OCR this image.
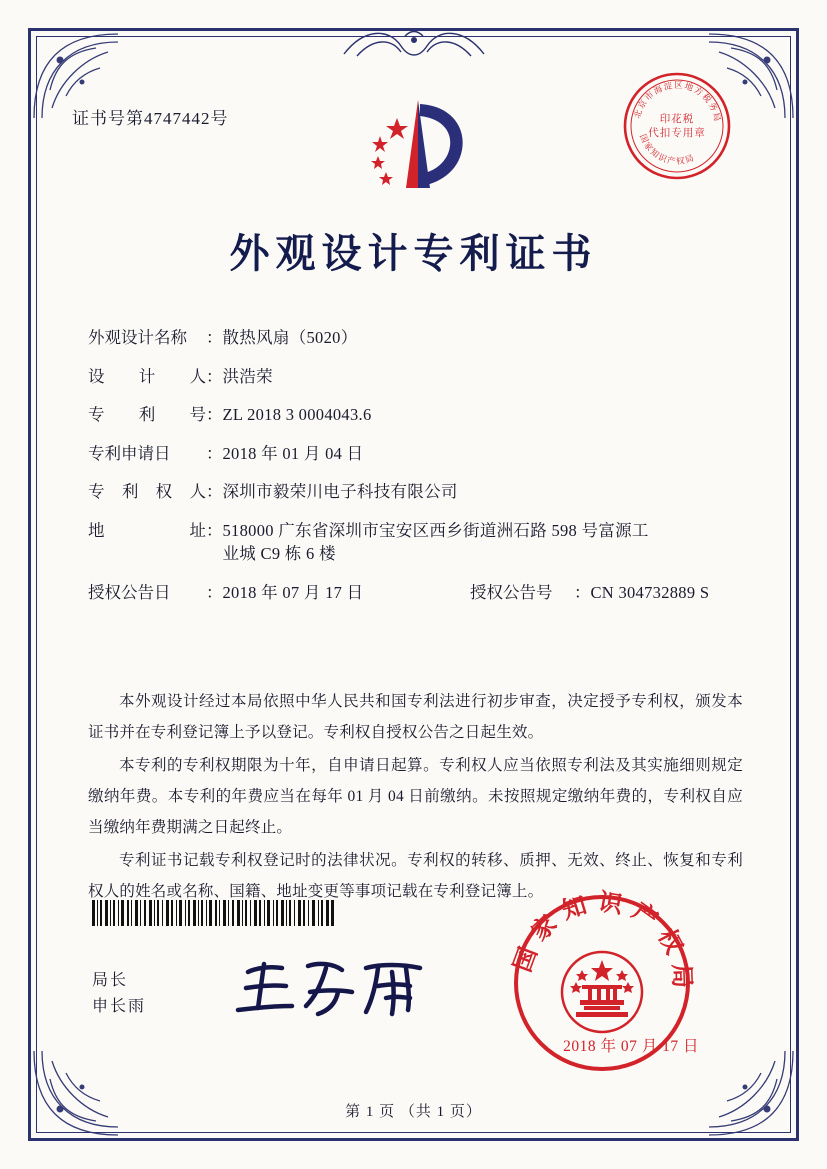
证书号第4747442号	北京市海淀区地方税务局
国家知识产权局
印花税
代扣专用章
外观设计专利证书
外观设计名称	： 散热风扇（5020）
设 计 人 ： 洪浩荣
专 利 号 ： ZL 2018 3 0004043.6
专利申请日	： 2018 年 01 月 04 日
专 利 权 人 ： 深圳市毅荣川电子科技有限公司
地	址 ： 518000 广东省深圳市宝安区西乡街道洲石路 598 号富源工
业城 C9 栋 6 楼
授权公告日	： 2018 年 07 月 17 日	授权公告号	： CN 304732889 S

本外观设计经过本局依照中华人民共和国专利法进行初步审查，决定授予专利权，颁发本证书并在专利登记簿上予以登记。专利权自授权公告之日起生效。

本专利的专利权期限为十年，自申请日起算。专利权人应当依照专利法及其实施细则规定缴纳年费。本专利的年费应当在每年 01 月 04 日前缴纳。未按照规定缴纳年费的，专利权自应当缴纳年费期满之日起终止。

专利证书记载专利权登记时的法律状况。专利权的转移、质押、无效、终止、恢复和专利权人的姓名或名称、国籍、地址变更等事项记载在专利登记簿上。

局长
申长雨
国家知识产权局
2018 年 07 月 17 日
第 1 页 （共 1 页）
